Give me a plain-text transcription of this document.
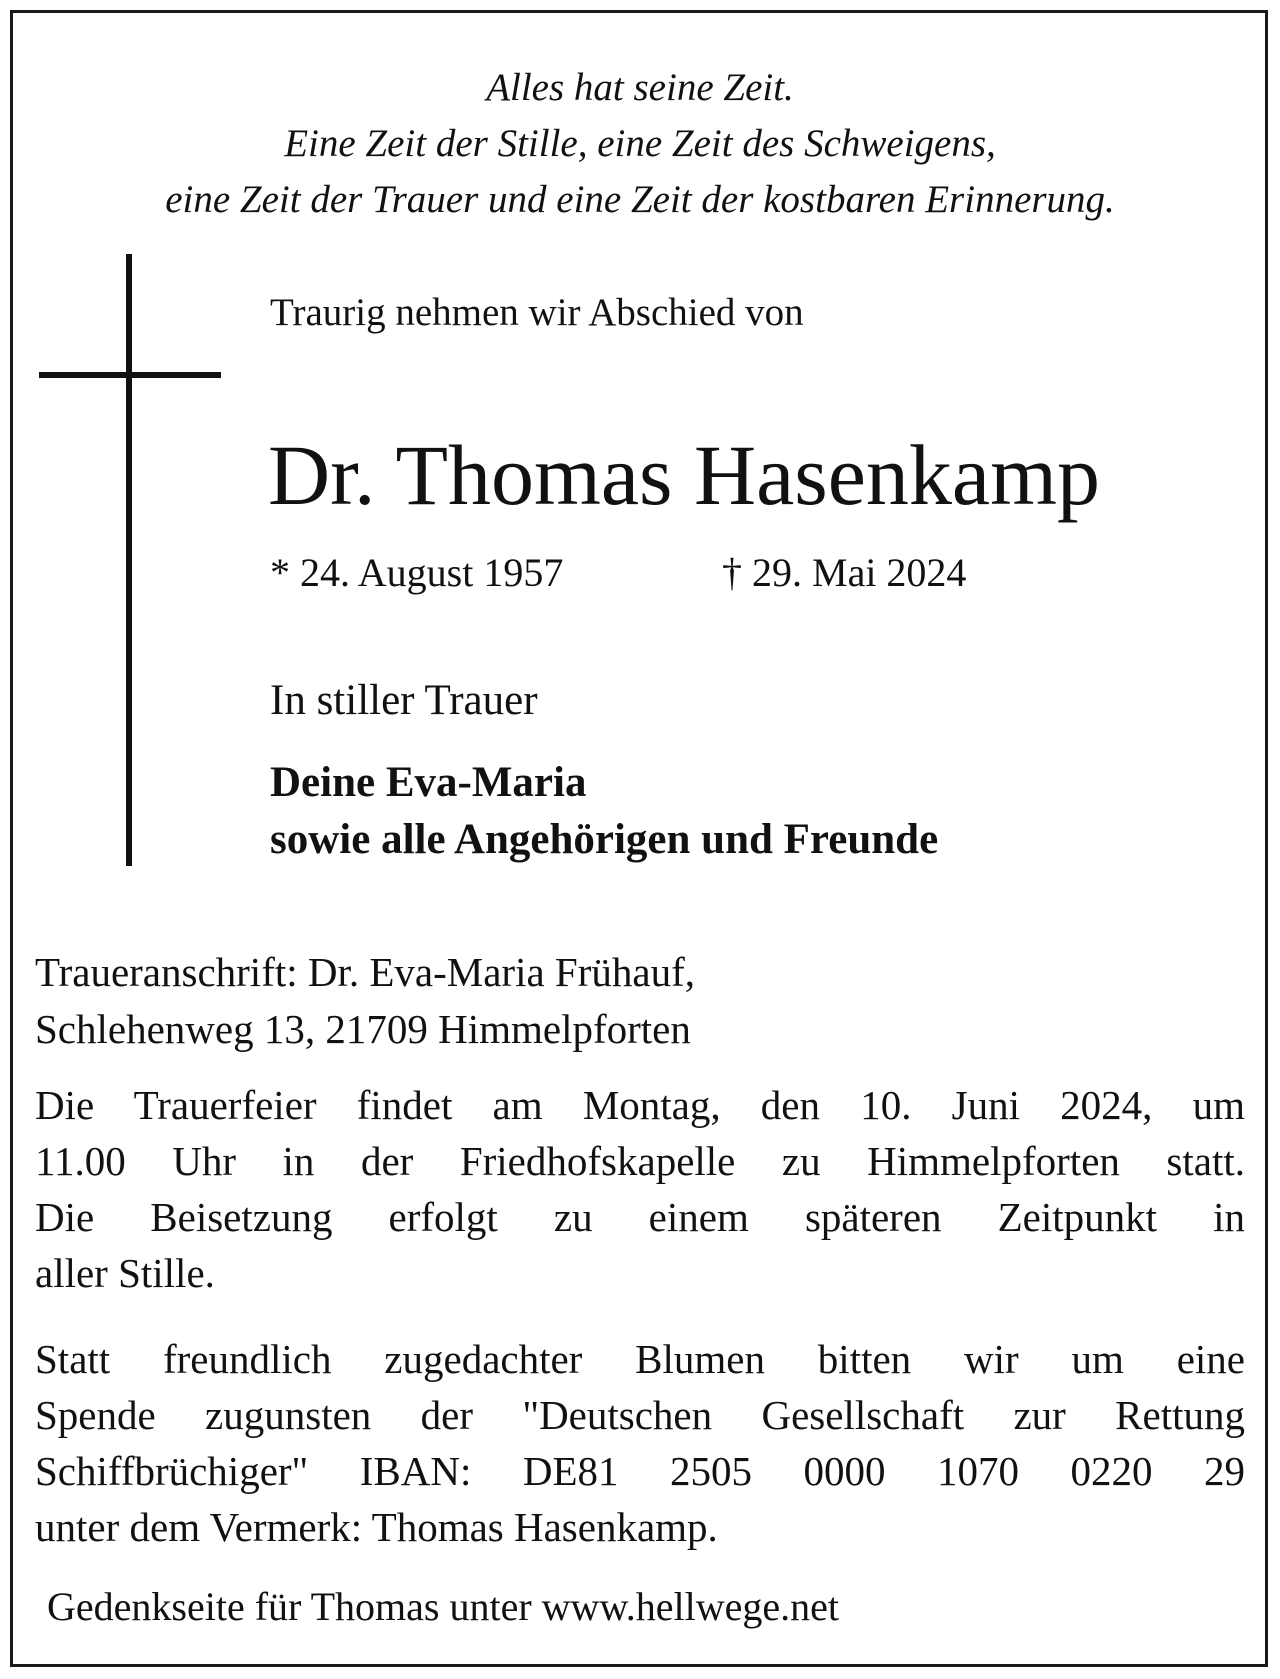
Alles hat seine Zeit.
Eine Zeit der Stille, eine Zeit des Schweigens,
eine Zeit der Trauer und eine Zeit der kostbaren Erinnerung.
Traurig nehmen wir Abschied von
Dr. Thomas Hasenkamp
* 24. August 1957	† 29. Mai 2024
In stiller Trauer
Deine Eva-Maria
sowie alle Angehörigen und Freunde
Traueranschrift: Dr. Eva-Maria Frühauf,
Schlehenweg 13, 21709 Himmelpforten
Die Trauerfeier findet am Montag, den 10. Juni 2024, um
11.00 Uhr in der Friedhofskapelle zu Himmelpforten statt.
Die Beisetzung erfolgt zu einem späteren Zeitpunkt in
aller Stille.
Statt freundlich zugedachter Blumen bitten wir um eine
Spende zugunsten der "Deutschen Gesellschaft zur Rettung
Schiffbrüchiger" IBAN: DE81 2505 0000 1070 0220 29
unter dem Vermerk: Thomas Hasenkamp.
Gedenkseite für Thomas unter www.hellwege.net
